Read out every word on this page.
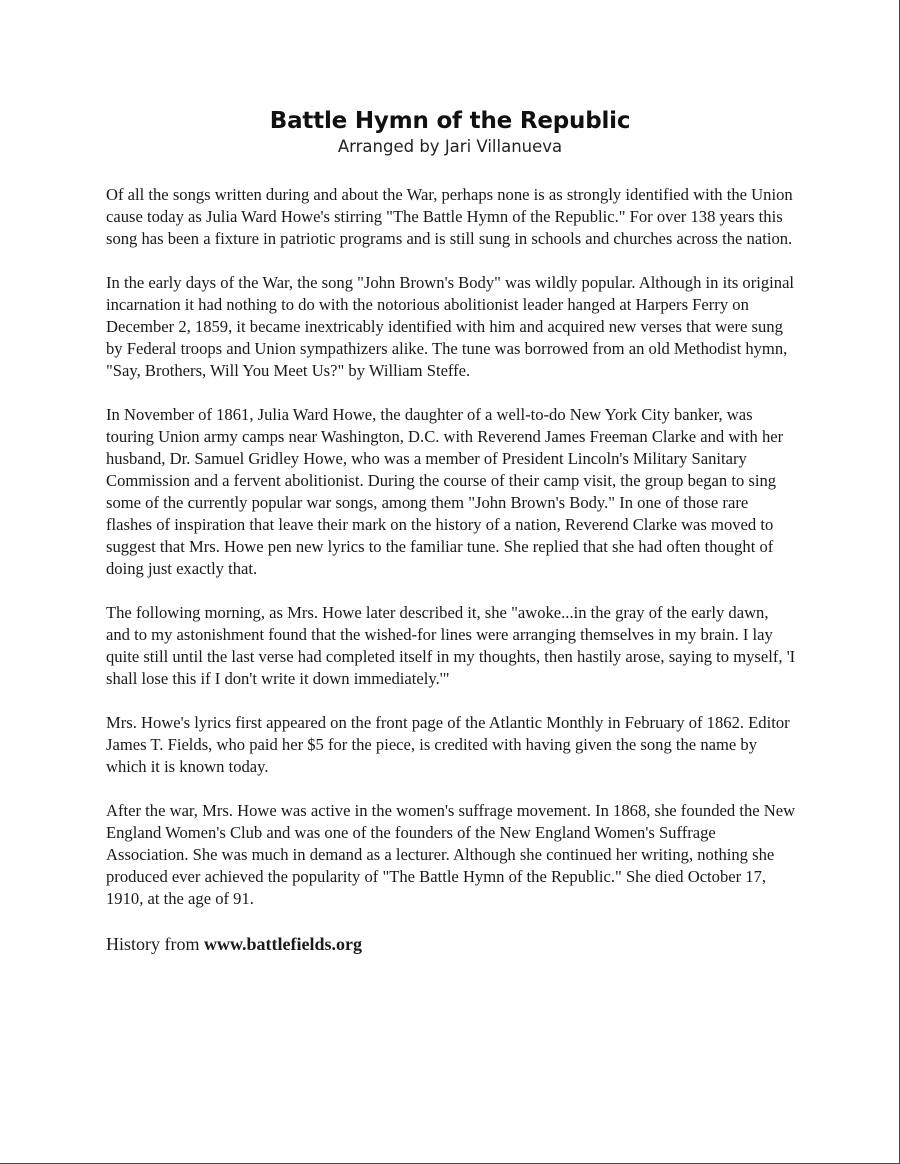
Battle Hymn of the Republic

Arranged by Jari Villanueva

Of all the songs written during and about the War, perhaps none is as strongly identified with the Union cause today as Julia Ward Howe's stirring "The Battle Hymn of the Republic." For over 138 years this song has been a fixture in patriotic programs and is still sung in schools and churches across the nation.

In the early days of the War, the song "John Brown's Body" was wildly popular. Although in its original incarnation it had nothing to do with the notorious abolitionist leader hanged at Harpers Ferry on December 2, 1859, it became inextricably identified with him and acquired new verses that were sung by Federal troops and Union sympathizers alike. The tune was borrowed from an old Methodist hymn, "Say, Brothers, Will You Meet Us?" by William Steffe.

In November of 1861, Julia Ward Howe, the daughter of a well-to-do New York City banker, was touring Union army camps near Washington, D.C. with Reverend James Freeman Clarke and with her husband, Dr. Samuel Gridley Howe, who was a member of President Lincoln's Military Sanitary Commission and a fervent abolitionist. During the course of their camp visit, the group began to sing some of the currently popular war songs, among them "John Brown's Body." In one of those rare flashes of inspiration that leave their mark on the history of a nation, Reverend Clarke was moved to suggest that Mrs. Howe pen new lyrics to the familiar tune. She replied that she had often thought of doing just exactly that.

The following morning, as Mrs. Howe later described it, she "awoke...in the gray of the early dawn, and to my astonishment found that the wished-for lines were arranging themselves in my brain. I lay quite still until the last verse had completed itself in my thoughts, then hastily arose, saying to myself, 'I shall lose this if I don't write it down immediately.'"

Mrs. Howe's lyrics first appeared on the front page of the Atlantic Monthly in February of 1862. Editor James T. Fields, who paid her $5 for the piece, is credited with having given the song the name by which it is known today.

After the war, Mrs. Howe was active in the women's suffrage movement. In 1868, she founded the New England Women's Club and was one of the founders of the New England Women's Suffrage Association. She was much in demand as a lecturer. Although she continued her writing, nothing she produced ever achieved the popularity of "The Battle Hymn of the Republic." She died October 17, 1910, at the age of 91.

History from www.battlefields.org
